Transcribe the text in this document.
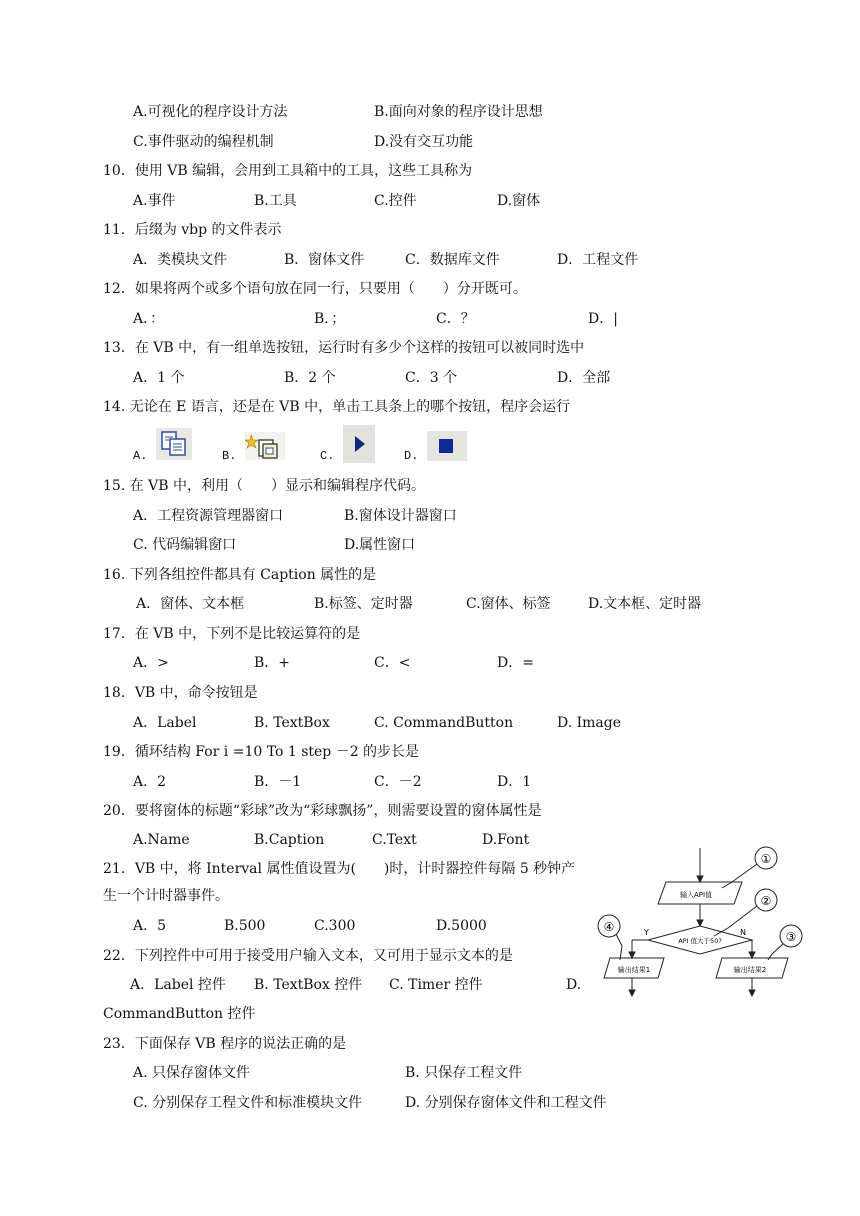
A.可视化的程序设计方法	B.面向对象的程序设计思想
C.事件驱动的编程机制	D.没有交互功能
10．使用 VB 编辑，会用到工具箱中的工具，这些工具称为
A.事件	B.工具	C.控件	D.窗体
11．后缀为 vbp 的文件表示
A．类模块文件	B．窗体文件	C．数据库文件	D．工程文件
12．如果将两个或多个语句放在同一行，只要用（　　）分开既可。
A．：	B．；	C．？	D．|
13．在 VB 中，有一组单选按钮，运行时有多少个这样的按钮可以被同时选中
A．1 个	B．2 个	C．3 个	D．全部
14. 无论在 E 语言，还是在 VB 中，单击工具条上的哪个按钮，程序会运行
A.	B.	C.	D.
15. 在 VB 中，利用（　　）显示和编辑程序代码。
A．工程资源管理器窗口	B.窗体设计器窗口
C. 代码编辑窗口	D.属性窗口
16. 下列各组控件都具有 Caption 属性的是
A．窗体、文本框	B.标签、定时器	C.窗体、标签	D.文本框、定时器
17．在 VB 中，下列不是比较运算符的是
A．>	B．+	C．<	D．=
18．VB 中，命令按钮是
A．Label	B. TextBox	C. CommandButton	D. Image
19．循环结构 For i =10 To 1 step －2 的步长是
A．2	B．－1	C．－2	D．1
20．要将窗体的标题“彩球”改为“彩球飘扬”，则需要设置的窗体属性是
A.Name	B.Caption	C.Text	D.Font
21．VB 中，将 Interval 属性值设置为(　　)时，计时器控件每隔 5 秒钟产
生一个计时器事件。
A．5	B.500	C.300	D.5000
22．下列控件中可用于接受用户输入文本，又可用于显示文本的是
A．Label 控件 B. TextBox 控件 C. Timer 控件	D.
CommandButton 控件
23．下面保存 VB 程序的说法正确的是
A. 只保存窗体文件	B. 只保存工程文件
C. 分别保存工程文件和标准模块文件	D. 分别保存窗体文件和工程文件
输入API值
API 值大于50?
Y	N
输出结果1	输出结果2
①
②
③
④
